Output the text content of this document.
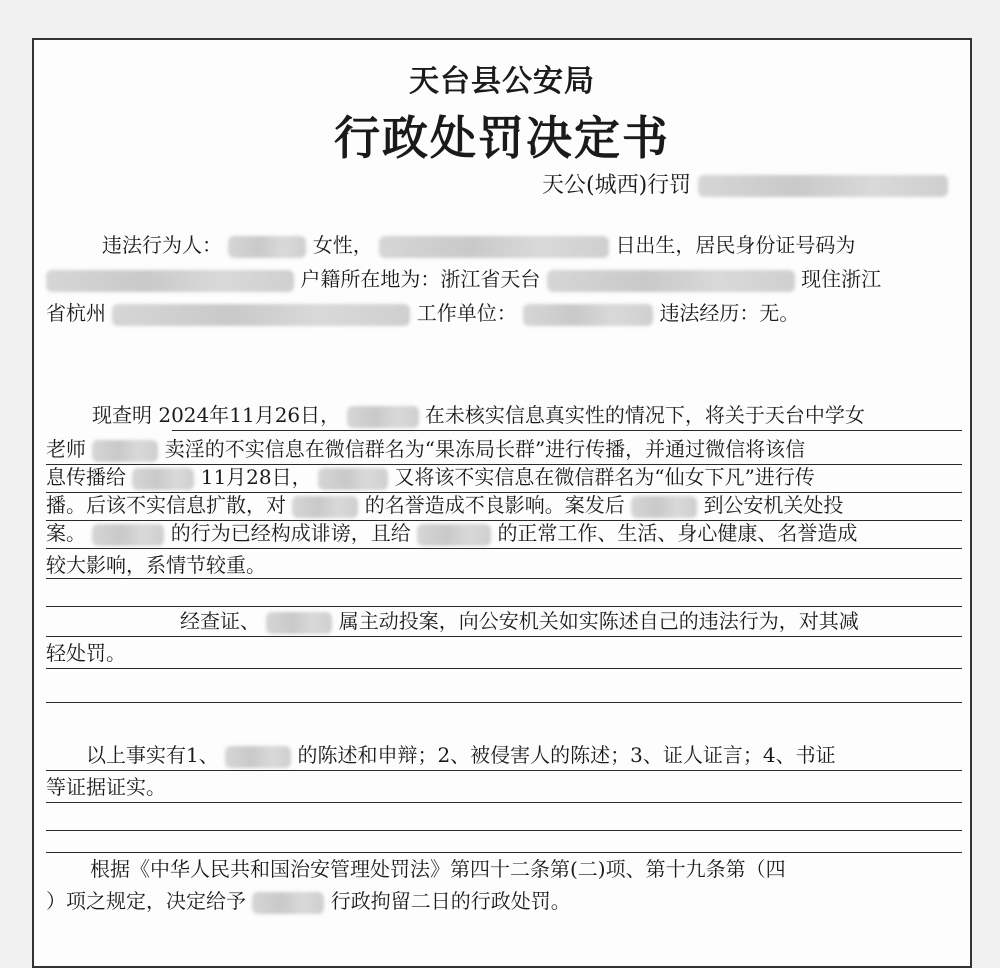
天台县公安局
行政处罚决定书
天公(城西)行罚
违法行为人：	女性，	日出生，居民身份证号码为
户籍所在地为：浙江省天台	现住浙江
省杭州	工作单位：	违法经历：无。
现查明 2024年11月26日，	在未核实信息真实性的情况下，将关于天台中学女
老师	卖淫的不实信息在微信群名为“果冻局长群”进行传播，并通过微信将该信
息传播给	11月28日，	又将该不实信息在微信群名为“仙女下凡”进行传
播。后该不实信息扩散，对	的名誉造成不良影响。案发后	到公安机关处投
案。	的行为已经构成诽谤，且给	的正常工作、生活、身心健康、名誉造成
较大影响，系情节较重。
经查证、	属主动投案，向公安机关如实陈述自己的违法行为，对其减
轻处罚。
以上事实有1、	的陈述和申辩；2、被侵害人的陈述；3、证人证言；4、书证
等证据证实。
根据《中华人民共和国治安管理处罚法》第四十二条第(二)项、第十九条第（四
）项之规定，决定给予	行政拘留二日的行政处罚。
